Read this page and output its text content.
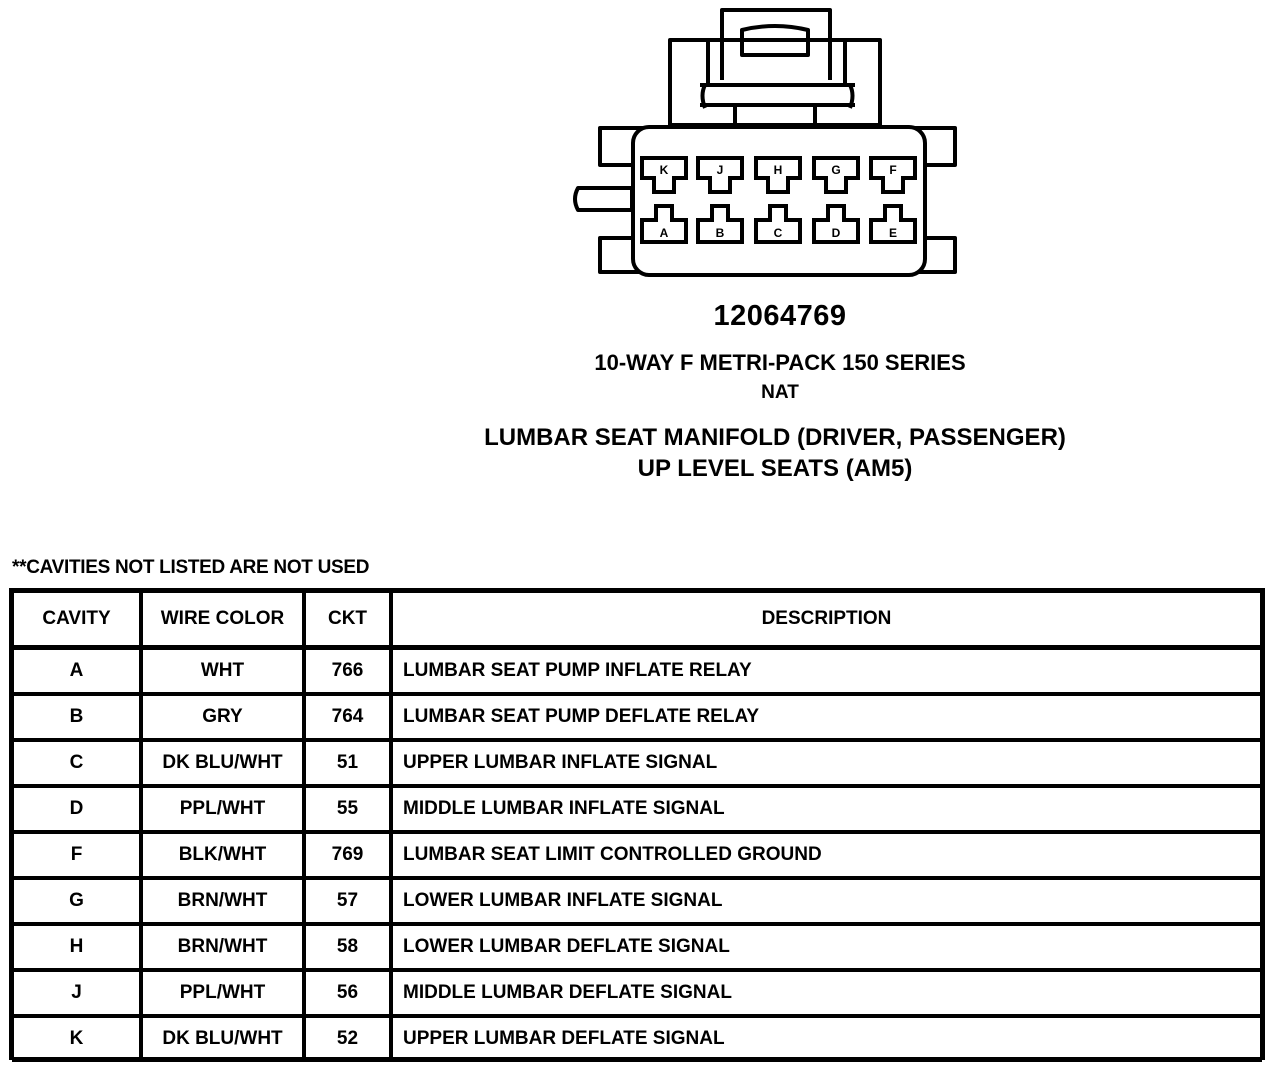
K	J	H	G	F
A	B	C	D	E
12064769
10-WAY F METRI-PACK 150 SERIES
NAT
LUMBAR SEAT MANIFOLD (DRIVER, PASSENGER)
UP LEVEL SEATS (AM5)
**CAVITIES NOT LISTED ARE NOT USED
CAVITY	WIRE COLOR	CKT	DESCRIPTION
A	WHT	766	LUMBAR SEAT PUMP INFLATE RELAY
B	GRY	764	LUMBAR SEAT PUMP DEFLATE RELAY
C	DK BLU/WHT	51	UPPER LUMBAR INFLATE SIGNAL
D	PPL/WHT	55	MIDDLE LUMBAR INFLATE SIGNAL
F	BLK/WHT	769	LUMBAR SEAT LIMIT CONTROLLED GROUND
G	BRN/WHT	57	LOWER LUMBAR INFLATE SIGNAL
H	BRN/WHT	58	LOWER LUMBAR DEFLATE SIGNAL
J	PPL/WHT	56	MIDDLE LUMBAR DEFLATE SIGNAL
K	DK BLU/WHT	52	UPPER LUMBAR DEFLATE SIGNAL
